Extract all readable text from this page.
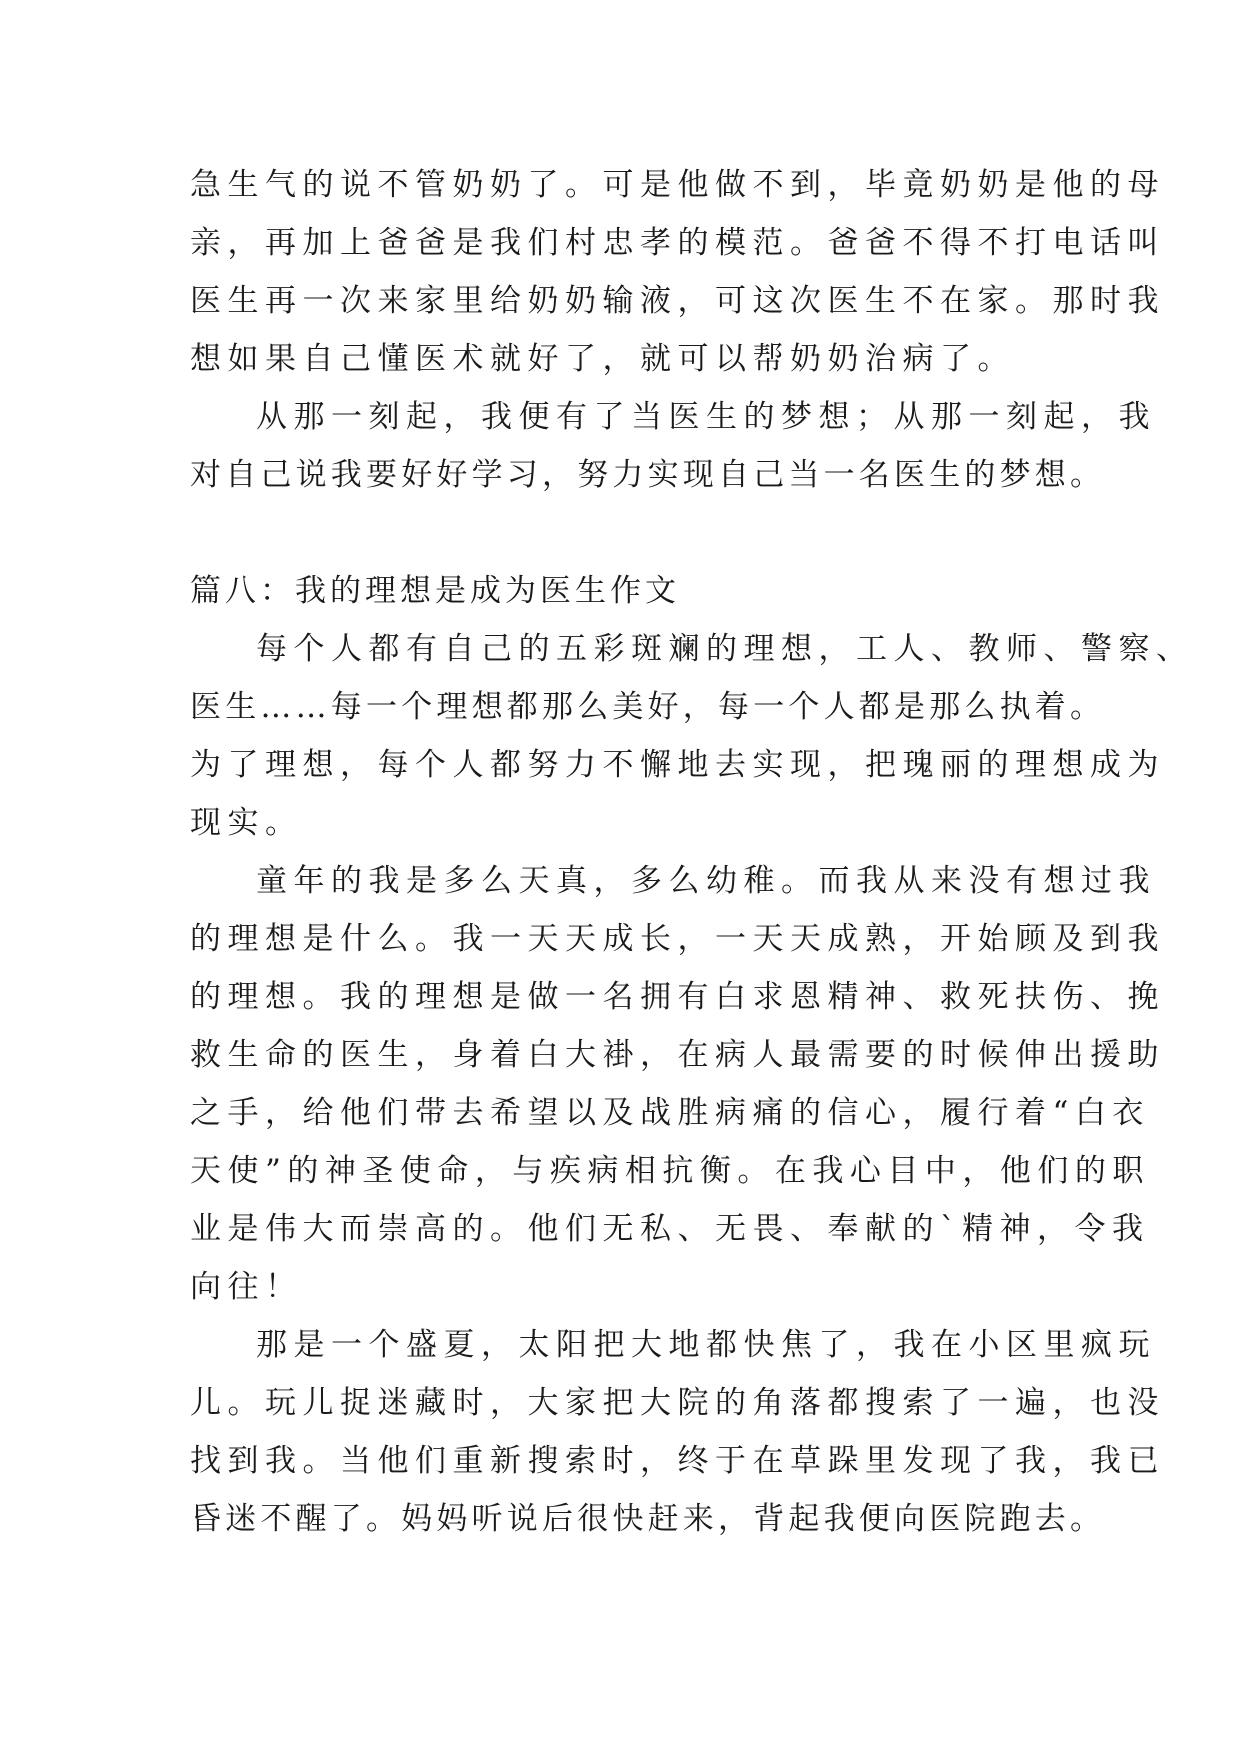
急生气的说不管奶奶了。可是他做不到，毕竟奶奶是他的母
亲，再加上爸爸是我们村忠孝的模范。爸爸不得不打电话叫
医生再一次来家里给奶奶输液，可这次医生不在家。那时我
想如果自己懂医术就好了，就可以帮奶奶治病了。
从那一刻起，我便有了当医生的梦想；从那一刻起，我
对自己说我要好好学习，努力实现自己当一名医生的梦想。
篇八：我的理想是成为医生作文
每个人都有自己的五彩斑斓的理想，工人、教师、警察、
医生……每一个理想都那么美好，每一个人都是那么执着。
为了理想，每个人都努力不懈地去实现，把瑰丽的理想成为
现实。
童年的我是多么天真，多么幼稚。而我从来没有想过我
的理想是什么。我一天天成长，一天天成熟，开始顾及到我
的理想。我的理想是做一名拥有白求恩精神、救死扶伤、挽
救生命的医生，身着白大褂，在病人最需要的时候伸出援助
之手，给他们带去希望以及战胜病痛的信心，履行着“白衣
天使”的神圣使命，与疾病相抗衡。在我心目中，他们的职
业是伟大而崇高的。他们无私、无畏、奉献的`精神，令我
向往！
那是一个盛夏，太阳把大地都快焦了，我在小区里疯玩
儿。玩儿捉迷藏时，大家把大院的角落都搜索了一遍，也没
找到我。当他们重新搜索时，终于在草跺里发现了我，我已
昏迷不醒了。妈妈听说后很快赶来，背起我便向医院跑去。
